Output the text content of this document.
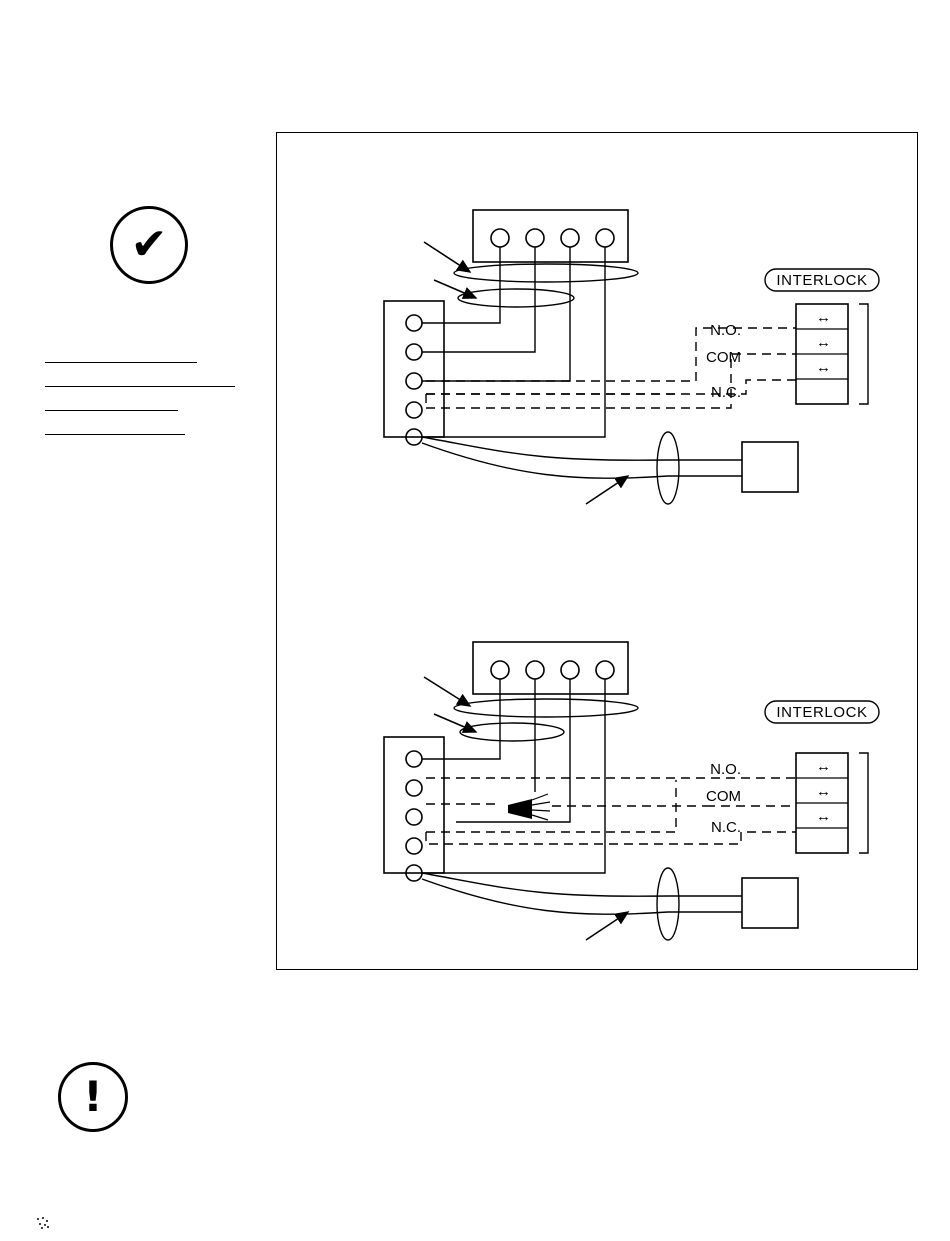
✔
!
↔
↔
↔
INTERLOCK
N.O.
COM
N.C.
↔
↔
↔
INTERLOCK
N.O.
COM
N.C.
